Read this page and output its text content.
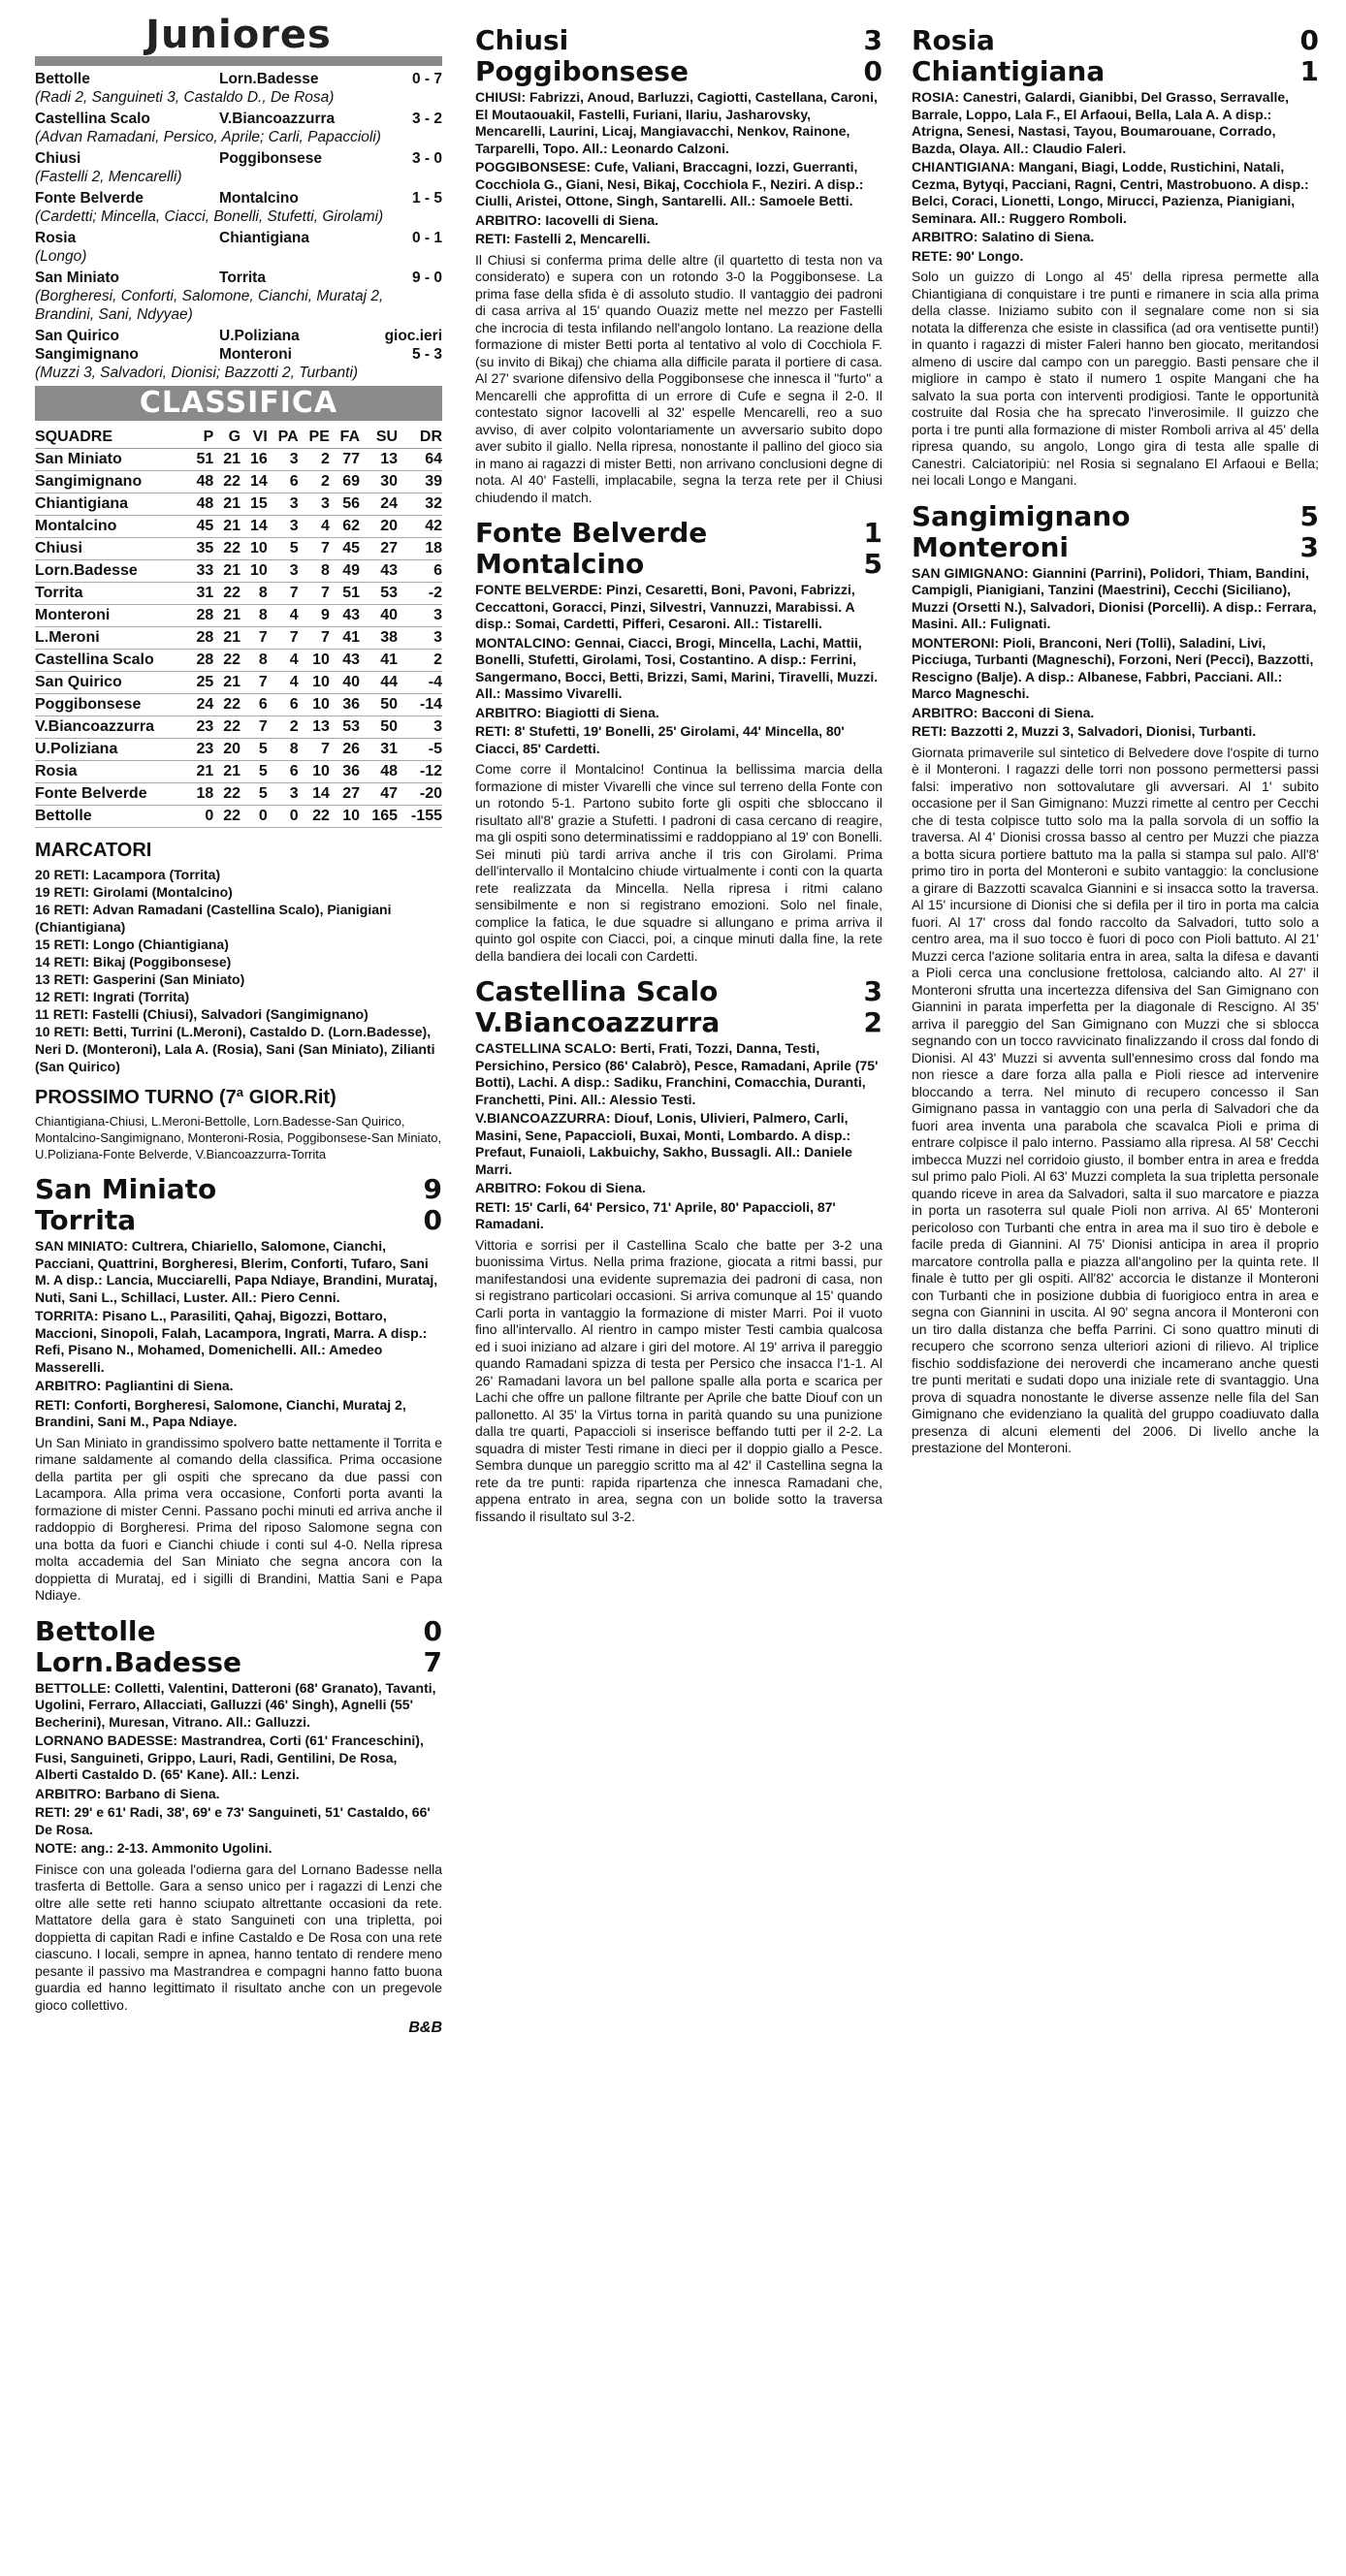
Juniores
Bettolle	Lorn.Badesse	0 - 7
(Radi 2, Sanguineti 3, Castaldo D., De Rosa)
Castellina Scalo	V.Biancoazzurra	3 - 2
(Advan Ramadani, Persico, Aprile; Carli, Papaccioli)
Chiusi	Poggibonsese	3 - 0
(Fastelli 2, Mencarelli)
Fonte Belverde	Montalcino	1 - 5
(Cardetti; Mincella, Ciacci, Bonelli, Stufetti, Girolami)
Rosia	Chiantigiana	0 - 1
(Longo)
San Miniato	Torrita	9 - 0
(Borgheresi, Conforti, Salomone, Cianchi, Murataj 2, Brandini, Sani, Ndyyae)
San Quirico	U.Poliziana	gioc.ieri
Sangimignano	Monteroni	5 - 3
(Muzzi 3, Salvadori, Dionisi; Bazzotti 2, Turbanti)
CLASSIFICA
SQUADRE	P	G	VI	PA	PE	FA	SU	DR
San Miniato	51	21	16	3	2	77	13	64
Sangimignano	48	22	14	6	2	69	30	39
Chiantigiana	48	21	15	3	3	56	24	32
Montalcino	45	21	14	3	4	62	20	42
Chiusi	35	22	10	5	7	45	27	18
Lorn.Badesse	33	21	10	3	8	49	43	6
Torrita	31	22	8	7	7	51	53	-2
Monteroni	28	21	8	4	9	43	40	3
L.Meroni	28	21	7	7	7	41	38	3
Castellina Scalo	28	22	8	4	10	43	41	2
San Quirico	25	21	7	4	10	40	44	-4
Poggibonsese	24	22	6	6	10	36	50	-14
V.Biancoazzurra	23	22	7	2	13	53	50	3
U.Poliziana	23	20	5	8	7	26	31	-5
Rosia	21	21	5	6	10	36	48	-12
Fonte Belverde	18	22	5	3	14	27	47	-20
Bettolle	0	22	0	0	22	10	165	-155
MARCATORI
20 RETI: Lacampora (Torrita)
19 RETI: Girolami (Montalcino)
16 RETI: Advan Ramadani (Castellina Scalo), Pianigiani (Chiantigiana)
15 RETI: Longo (Chiantigiana)
14 RETI: Bikaj (Poggibonsese)
13 RETI: Gasperini (San Miniato)
12 RETI: Ingrati (Torrita)
11 RETI: Fastelli (Chiusi), Salvadori (Sangimignano)
10 RETI: Betti, Turrini (L.Meroni), Castaldo D. (Lorn.Badesse), Neri D. (Monteroni), Lala A. (Rosia), Sani (San Miniato), Zilianti (San Quirico)
PROSSIMO TURNO (7ª GIOR.Rit)
Chiantigiana-Chiusi, L.Meroni-Bettolle, Lorn.Badesse-San Quirico, Montalcino-Sangimignano, Monteroni-Rosia, Poggibonsese-San Miniato, U.Poliziana-Fonte Belverde, V.Biancoazzurra-Torrita
San Miniato	9
Torrita	0
SAN MINIATO: Cultrera, Chiariello, Salomone, Cianchi, Pacciani, Quattrini, Borgheresi, Blerim, Conforti, Tufaro, Sani M. A disp.: Lancia, Mucciarelli, Papa Ndiaye, Brandini, Murataj, Nuti, Sani L., Schillaci, Luster. All.: Piero Cenni.
TORRITA: Pisano L., Parasiliti, Qahaj, Bigozzi, Bottaro, Maccioni, Sinopoli, Falah, Lacampora, Ingrati, Marra. A disp.: Refi, Pisano N., Mohamed, Domenichelli. All.: Amedeo Masserelli.
ARBITRO: Pagliantini di Siena.
RETI: Conforti, Borgheresi, Salomone, Cianchi, Murataj 2, Brandini, Sani M., Papa Ndiaye.
Un San Miniato in grandissimo spolvero batte nettamente il Torrita e rimane saldamente al comando della classifica. Prima occasione della partita per gli ospiti che sprecano da due passi con Lacampora. Alla prima vera occasione, Conforti porta avanti la formazione di mister Cenni. Passano pochi minuti ed arriva anche il raddoppio di Borgheresi. Prima del riposo Salomone segna con una botta da fuori e Cianchi chiude i conti sul 4-0. Nella ripresa molta accademia del San Miniato che segna ancora con la doppietta di Murataj, ed i sigilli di Brandini, Mattia Sani e Papa Ndiaye.
Bettolle	0
Lorn.Badesse	7
BETTOLLE: Colletti, Valentini, Datteroni (68' Granato), Tavanti, Ugolini, Ferraro, Allacciati, Galluzzi (46' Singh), Agnelli (55' Becherini), Muresan, Vitrano. All.: Galluzzi.
LORNANO BADESSE: Mastrandrea, Corti (61' Franceschini), Fusi, Sanguineti, Grippo, Lauri, Radi, Gentilini, De Rosa, Alberti Castaldo D. (65' Kane). All.: Lenzi.
ARBITRO: Barbano di Siena.
RETI: 29' e 61' Radi, 38', 69' e 73' Sanguineti, 51' Castaldo, 66' De Rosa.
NOTE: ang.: 2-13. Ammonito Ugolini.
Finisce con una goleada l'odierna gara del Lornano Badesse nella trasferta di Bettolle. Gara a senso unico per i ragazzi di Lenzi che oltre alle sette reti hanno sciupato altrettante occasioni da rete. Mattatore della gara è stato Sanguineti con una tripletta, poi doppietta di capitan Radi e infine Castaldo e De Rosa con una rete ciascuno. I locali, sempre in apnea, hanno tentato di rendere meno pesante il passivo ma Mastrandrea e compagni hanno fatto buona guardia ed hanno legittimato il risultato anche con un pregevole gioco collettivo.
B&B
Chiusi	3
Poggibonsese	0
CHIUSI: Fabrizzi, Anoud, Barluzzi, Cagiotti, Castellana, Caroni, El Moutaouakil, Fastelli, Furiani, Ilariu, Jasharovsky, Mencarelli, Laurini, Licaj, Mangiavacchi, Nenkov, Rainone, Tarparelli, Topo. All.: Leonardo Calzoni.
POGGIBONSESE: Cufe, Valiani, Braccagni, Iozzi, Guerranti, Cocchiola G., Giani, Nesi, Bikaj, Cocchiola F., Neziri. A disp.: Ciulli, Aristei, Ottone, Singh, Santarelli. All.: Samoele Betti.
ARBITRO: Iacovelli di Siena.
RETI: Fastelli 2, Mencarelli.
Il Chiusi si conferma prima delle altre (il quartetto di testa non va considerato) e supera con un rotondo 3-0 la Poggibonsese. La prima fase della sfida è di assoluto studio. Il vantaggio dei padroni di casa arriva al 15' quando Ouaziz mette nel mezzo per Fastelli che incrocia di testa infilando nell'angolo lontano. La reazione della formazione di mister Betti porta al tentativo al volo di Cocchiola F. (su invito di Bikaj) che chiama alla difficile parata il portiere di casa. Al 27' svarione difensivo della Poggibonsese che innesca il "furto" a Mencarelli che approfitta di un errore di Cufe e segna il 2-0. Il contestato signor Iacovelli al 32' espelle Mencarelli, reo a suo avviso, di aver colpito volontariamente un avversario subito dopo aver subito il giallo. Nella ripresa, nonostante il pallino del gioco sia in mano ai ragazzi di mister Betti, non arrivano conclusioni degne di nota. Al 40' Fastelli, implacabile, segna la terza rete per il Chiusi chiudendo il match.
Fonte Belverde	1
Montalcino	5
FONTE BELVERDE: Pinzi, Cesaretti, Boni, Pavoni, Fabrizzi, Ceccattoni, Goracci, Pinzi, Silvestri, Vannuzzi, Marabissi. A disp.: Somai, Cardetti, Pifferi, Cesaroni. All.: Tistarelli.
MONTALCINO: Gennai, Ciacci, Brogi, Mincella, Lachi, Mattii, Bonelli, Stufetti, Girolami, Tosi, Costantino. A disp.: Ferrini, Sangermano, Bocci, Betti, Brizzi, Sami, Marini, Tiravelli, Muzzi. All.: Massimo Vivarelli.
ARBITRO: Biagiotti di Siena.
RETI: 8' Stufetti, 19' Bonelli, 25' Girolami, 44' Mincella, 80' Ciacci, 85' Cardetti.
Come corre il Montalcino! Continua la bellissima marcia della formazione di mister Vivarelli che vince sul terreno della Fonte con un rotondo 5-1. Partono subito forte gli ospiti che sbloccano il risultato all'8' grazie a Stufetti. I padroni di casa cercano di reagire, ma gli ospiti sono determinatissimi e raddoppiano al 19' con Bonelli. Sei minuti più tardi arriva anche il tris con Girolami. Prima dell'intervallo il Montalcino chiude virtualmente i conti con la quarta rete realizzata da Mincella. Nella ripresa i ritmi calano sensibilmente e non si registrano emozioni. Solo nel finale, complice la fatica, le due squadre si allungano e prima arriva il quinto gol ospite con Ciacci, poi, a cinque minuti dalla fine, la rete della bandiera dei locali con Cardetti.
Castellina Scalo	3
V.Biancoazzurra	2
CASTELLINA SCALO: Berti, Frati, Tozzi, Danna, Testi, Persichino, Persico (86' Calabrò), Pesce, Ramadani, Aprile (75' Botti), Lachi. A disp.: Sadiku, Franchini, Comacchia, Duranti, Franchetti, Pini. All.: Alessio Testi.
V.BIANCOAZZURRA: Diouf, Lonis, Ulivieri, Palmero, Carli, Masini, Sene, Papaccioli, Buxai, Monti, Lombardo. A disp.: Prefaut, Funaioli, Lakbuichy, Sakho, Bussagli. All.: Daniele Marri.
ARBITRO: Fokou di Siena.
RETI: 15' Carli, 64' Persico, 71' Aprile, 80' Papaccioli, 87' Ramadani.
Vittoria e sorrisi per il Castellina Scalo che batte per 3-2 una buonissima Virtus. Nella prima frazione, giocata a ritmi bassi, pur manifestandosi una evidente supremazia dei padroni di casa, non si registrano particolari occasioni. Si arriva comunque al 15' quando Carli porta in vantaggio la formazione di mister Marri. Poi il vuoto fino all'intervallo. Al rientro in campo mister Testi cambia qualcosa ed i suoi iniziano ad alzare i giri del motore. Al 19' arriva il pareggio quando Ramadani spizza di testa per Persico che insacca l'1-1. Al 26' Ramadani lavora un bel pallone spalle alla porta e scarica per Lachi che offre un pallone filtrante per Aprile che batte Diouf con un pallonetto. Al 35' la Virtus torna in parità quando su una punizione dalla tre quarti, Papaccioli si inserisce beffando tutti per il 2-2. La squadra di mister Testi rimane in dieci per il doppio giallo a Pesce. Sembra dunque un pareggio scritto ma al 42' il Castellina segna la rete da tre punti: rapida ripartenza che innesca Ramadani che, appena entrato in area, segna con un bolide sotto la traversa fissando il risultato sul 3-2.
Rosia	0
Chiantigiana	1
ROSIA: Canestri, Galardi, Gianibbi, Del Grasso, Serravalle, Barrale, Loppo, Lala F., El Arfaoui, Bella, Lala A. A disp.: Atrigna, Senesi, Nastasi, Tayou, Boumarouane, Corrado, Bazda, Olaya. All.: Claudio Faleri.
CHIANTIGIANA: Mangani, Biagi, Lodde, Rustichini, Natali, Cezma, Bytyqi, Pacciani, Ragni, Centri, Mastrobuono. A disp.: Belci, Coraci, Lionetti, Longo, Mirucci, Pazienza, Pianigiani, Seminara. All.: Ruggero Romboli.
ARBITRO: Salatino di Siena.
RETE: 90' Longo.
Solo un guizzo di Longo al 45' della ripresa permette alla Chiantigiana di conquistare i tre punti e rimanere in scia alla prima della classe. Iniziamo subito con il segnalare come non si sia notata la differenza che esiste in classifica (ad ora ventisette punti!) in quanto i ragazzi di mister Faleri hanno ben giocato, meritandosi almeno di uscire dal campo con un pareggio. Basti pensare che il migliore in campo è stato il numero 1 ospite Mangani che ha salvato la sua porta con interventi prodigiosi. Tante le opportunità costruite dal Rosia che ha sprecato l'inverosimile. Il guizzo che porta i tre punti alla formazione di mister Romboli arriva al 45' della ripresa quando, su angolo, Longo gira di testa alle spalle di Canestri. Calciatoripiù: nel Rosia si segnalano El Arfaoui e Bella; nei locali Longo e Mangani.
Sangimignano	5
Monteroni	3
SAN GIMIGNANO: Giannini (Parrini), Polidori, Thiam, Bandini, Campigli, Pianigiani, Tanzini (Maestrini), Cecchi (Siciliano), Muzzi (Orsetti N.), Salvadori, Dionisi (Porcelli). A disp.: Ferrara, Masini. All.: Fulignati.
MONTERONI: Pioli, Branconi, Neri (Tolli), Saladini, Livi, Picciuga, Turbanti (Magneschi), Forzoni, Neri (Pecci), Bazzotti, Rescigno (Balje). A disp.: Albanese, Fabbri, Pacciani. All.: Marco Magneschi.
ARBITRO: Bacconi di Siena.
RETI: Bazzotti 2, Muzzi 3, Salvadori, Dionisi, Turbanti.
Giornata primaverile sul sintetico di Belvedere dove l'ospite di turno è il Monteroni. I ragazzi delle torri non possono permettersi passi falsi: imperativo non sottovalutare gli avversari. Al 1' subito occasione per il San Gimignano: Muzzi rimette al centro per Cecchi che di testa colpisce tutto solo ma la palla sorvola di un soffio la traversa. Al 4' Dionisi crossa basso al centro per Muzzi che piazza a botta sicura portiere battuto ma la palla si stampa sul palo. All'8' primo tiro in porta del Monteroni e subito vantaggio: la conclusione a girare di Bazzotti scavalca Giannini e si insacca sotto la traversa. Al 15' incursione di Dionisi che si defila per il tiro in porta ma calcia fuori. Al 17' cross dal fondo raccolto da Salvadori, tutto solo a centro area, ma il suo tocco è fuori di poco con Pioli battuto. Al 21' Muzzi cerca l'azione solitaria entra in area, salta la difesa e davanti a Pioli cerca una conclusione frettolosa, calciando alto. Al 27' il Monteroni sfrutta una incertezza difensiva del San Gimignano con Giannini in parata imperfetta per la diagonale di Rescigno. Al 35' arriva il pareggio del San Gimignano con Muzzi che si sblocca segnando con un tocco ravvicinato finalizzando il cross dal fondo di Dionisi. Al 43' Muzzi si avventa sull'ennesimo cross dal fondo ma non riesce a dare forza alla palla e Pioli riesce ad intervenire bloccando a terra. Nel minuto di recupero concesso il San Gimignano passa in vantaggio con una perla di Salvadori che da fuori area inventa una parabola che scavalca Pioli e prima di entrare colpisce il palo interno. Passiamo alla ripresa. Al 58' Cecchi imbecca Muzzi nel corridoio giusto, il bomber entra in area e fredda sul primo palo Pioli. Al 63' Muzzi completa la sua tripletta personale quando riceve in area da Salvadori, salta il suo marcatore e piazza in porta un rasoterra sul quale Pioli non arriva. Al 65' Monteroni pericoloso con Turbanti che entra in area ma il suo tiro è debole e facile preda di Giannini. Al 75' Dionisi anticipa in area il proprio marcatore controlla palla e piazza all'angolino per la quinta rete. Il finale è tutto per gli ospiti. All'82' accorcia le distanze il Monteroni con Turbanti che in posizione dubbia di fuorigioco entra in area e segna con Giannini in uscita. Al 90' segna ancora il Monteroni con un tiro dalla distanza che beffa Parrini. Ci sono quattro minuti di recupero che scorrono senza ulteriori azioni di rilievo. Al triplice fischio soddisfazione dei neroverdi che incamerano anche questi tre punti meritati e sudati dopo una iniziale rete di svantaggio. Una prova di squadra nonostante le diverse assenze nelle fila del San Gimignano che evidenziano la qualità del gruppo coadiuvato dalla presenza di alcuni elementi del 2006. Di livello anche la prestazione del Monteroni.
